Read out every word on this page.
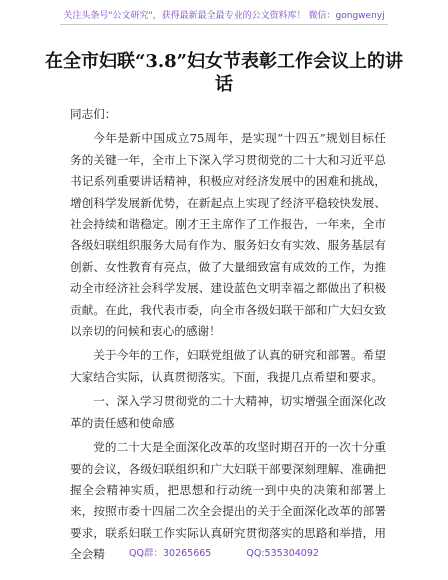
关注头条号"公文研究"，获得最新最全最专业的公文资料库！ 微信：gongwenyj
在全市妇联“3.8”妇女节表彰工作会议上的讲话

同志们：

今年是新中国成立75周年，是实现“十四五”规划目标任务的关键一年，全市上下深入学习贯彻党的二十大和习近平总书记系列重要讲话精神，积极应对经济发展中的困难和挑战，增创科学发展新优势，在新起点上实现了经济平稳较快发展、社会持续和谐稳定。刚才王主席作了工作报告，一年来，全市各级妇联组织服务大局有作为、服务妇女有实效、服务基层有创新、女性教育有亮点，做了大量细致富有成效的工作，为推动全市经济社会科学发展、建设蓝色文明幸福之都做出了积极贡献。在此，我代表市委，向全市各级妇联干部和广大妇女致以亲切的问候和衷心的感谢！

关于今年的工作，妇联党组做了认真的研究和部署。希望大家结合实际，认真贯彻落实。下面，我提几点希望和要求。

一、深入学习贯彻党的二十大精神，切实增强全面深化改革的责任感和使命感

党的二十大是全面深化改革的攻坚时期召开的一次十分重要的会议，各级妇联组织和广大妇联干部要深刻理解、准确把握全会精神实质，把思想和行动统一到中央的决策和部署上来，按照市委十四届二次全会提出的关于全面深化改革的部署要求，联系妇联工作实际认真研究贯彻落实的思路和举措，用全会精	QQ群：30265665	QQ:535304092
